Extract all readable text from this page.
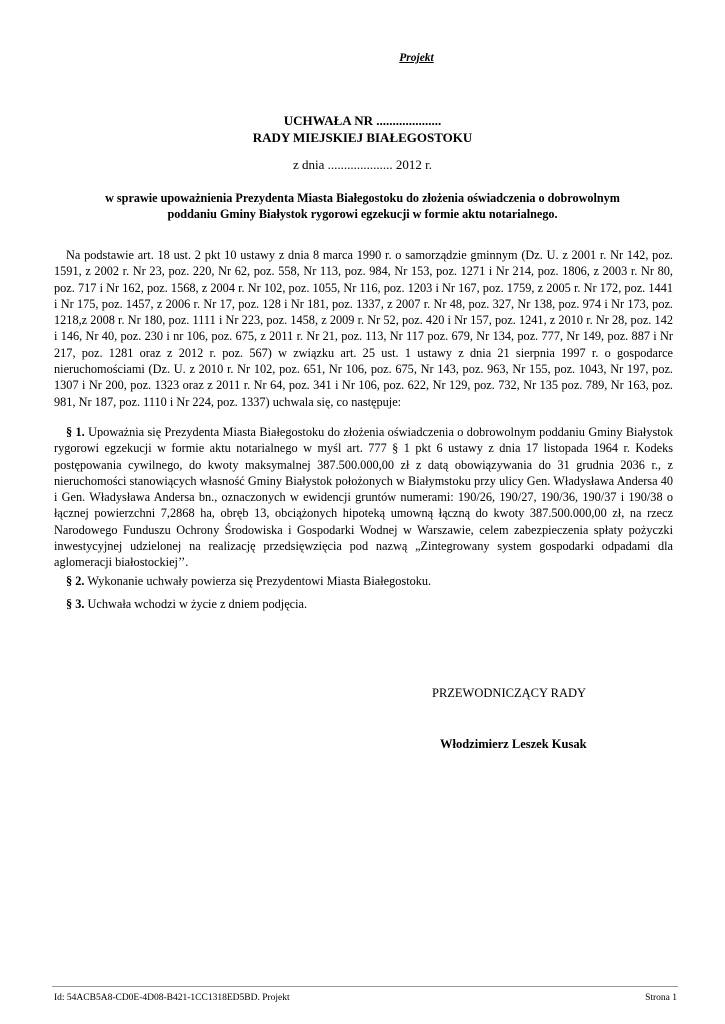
Projekt
UCHWAŁA NR ....................
RADY MIEJSKIEJ BIAŁEGOSTOKU
z dnia .................... 2012 r.
w sprawie upoważnienia Prezydenta Miasta Białegostoku do złożenia oświadczenia o dobrowolnym
poddaniu Gminy Białystok rygorowi egzekucji w formie aktu notarialnego.

Na podstawie art. 18 ust. 2 pkt 10 ustawy z dnia 8 marca 1990 r. o samorządzie gminnym (Dz. U. z 2001 r. Nr 142, poz. 1591, z 2002 r. Nr 23, poz. 220, Nr 62, poz. 558, Nr 113, poz. 984, Nr 153, poz. 1271 i Nr 214, poz. 1806, z 2003 r. Nr 80, poz. 717 i Nr 162, poz. 1568, z 2004 r. Nr 102, poz. 1055, Nr 116, poz. 1203 i Nr 167, poz. 1759, z 2005 r. Nr 172, poz. 1441 i Nr 175, poz. 1457, z 2006 r. Nr 17, poz. 128 i Nr 181, poz. 1337, z 2007 r. Nr 48, poz. 327, Nr 138, poz. 974 i Nr 173, poz. 1218,z 2008 r. Nr 180, poz. 1111 i Nr 223, poz. 1458, z 2009 r. Nr 52, poz. 420 i Nr 157, poz. 1241, z 2010 r. Nr 28, poz. 142 i 146, Nr 40, poz. 230 i nr 106, poz. 675, z 2011 r. Nr 21, poz. 113, Nr 117 poz. 679, Nr 134, poz. 777, Nr 149, poz. 887 i Nr 217, poz. 1281 oraz z 2012 r. poz. 567) w związku art. 25 ust. 1 ustawy z dnia 21 sierpnia 1997 r. o gospodarce nieruchomościami (Dz. U. z 2010 r. Nr 102, poz. 651, Nr 106, poz. 675, Nr 143, poz. 963, Nr 155, poz. 1043, Nr 197, poz. 1307 i Nr 200, poz. 1323 oraz z 2011 r. Nr 64, poz. 341 i Nr 106, poz. 622, Nr 129, poz. 732, Nr 135 poz. 789, Nr 163, poz. 981, Nr 187, poz. 1110 i Nr 224, poz. 1337) uchwala się, co następuje:

§ 1. Upoważnia się Prezydenta Miasta Białegostoku do złożenia oświadczenia o dobrowolnym poddaniu Gminy Białystok rygorowi egzekucji w formie aktu notarialnego w myśl art. 777 § 1 pkt 6 ustawy z dnia 17 listopada 1964 r. Kodeks postępowania cywilnego, do kwoty maksymalnej 387.500.000,00 zł z datą obowiązywania do 31 grudnia 2036 r., z nieruchomości stanowiących własność Gminy Białystok położonych w Białymstoku przy ulicy Gen. Władysława Andersa 40 i Gen. Władysława Andersa bn., oznaczonych w ewidencji gruntów numerami: 190/26, 190/27, 190/36, 190/37 i 190/38 o łącznej powierzchni 7,2868 ha, obręb 13, obciążonych hipoteką umowną łączną do kwoty 387.500.000,00 zł, na rzecz Narodowego Funduszu Ochrony Środowiska i Gospodarki Wodnej w Warszawie, celem zabezpieczenia spłaty pożyczki inwestycyjnej udzielonej na realizację przedsięwzięcia pod nazwą „Zintegrowany system gospodarki odpadami dla aglomeracji białostockiej’’.

§ 2. Wykonanie uchwały powierza się Prezydentowi Miasta Białegostoku.

§ 3. Uchwała wchodzi w życie z dniem podjęcia.

PRZEWODNICZĄCY RADY
Włodzimierz Leszek Kusak
Id: 54ACB5A8-CD0E-4D08-B421-1CC1318ED5BD. Projekt	Strona 1
